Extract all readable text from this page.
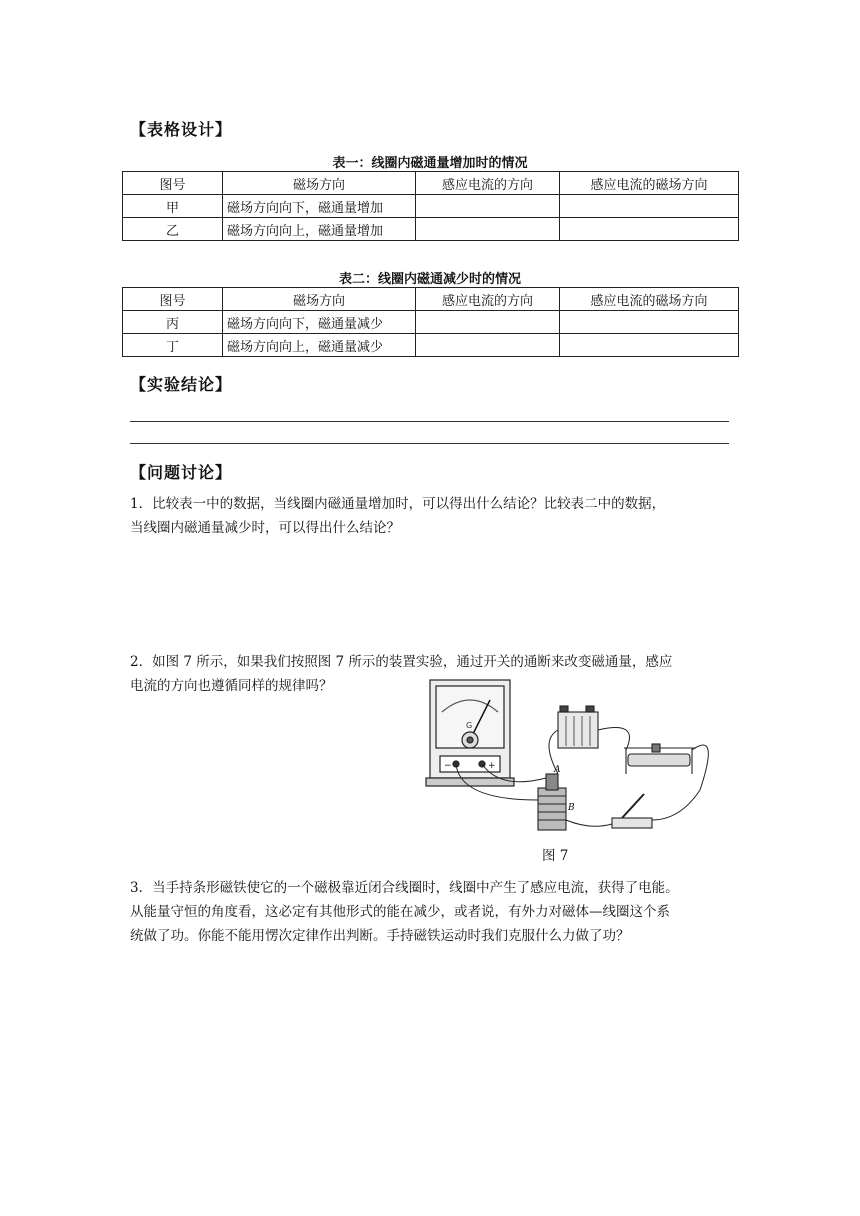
【表格设计】
表一：线圈内磁通量增加时的情况
图号	磁场方向	感应电流的方向	感应电流的磁场方向
甲	磁场方向向下，磁通量增加		
乙	磁场方向向上，磁通量增加		
表二：线圈内磁通减少时的情况
图号	磁场方向	感应电流的方向	感应电流的磁场方向
丙	磁场方向向下，磁通量减少		
丁	磁场方向向上，磁通量减少		
【实验结论】
【问题讨论】
1．比较表一中的数据，当线圈内磁通量增加时，可以得出什么结论？比较表二中的数据，
当线圈内磁通量减少时，可以得出什么结论？
2．如图 7 所示，如果我们按照图 7 所示的装置实验，通过开关的通断来改变磁通量，感应
电流的方向也遵循同样的规律吗？
−	+
G
A
B
图 7
3．当手持条形磁铁使它的一个磁极靠近闭合线圈时，线圈中产生了感应电流，获得了电能。
从能量守恒的角度看，这必定有其他形式的能在减少，或者说，有外力对磁体—线圈这个系
统做了功。你能不能用愣次定律作出判断。手持磁铁运动时我们克服什么力做了功？
